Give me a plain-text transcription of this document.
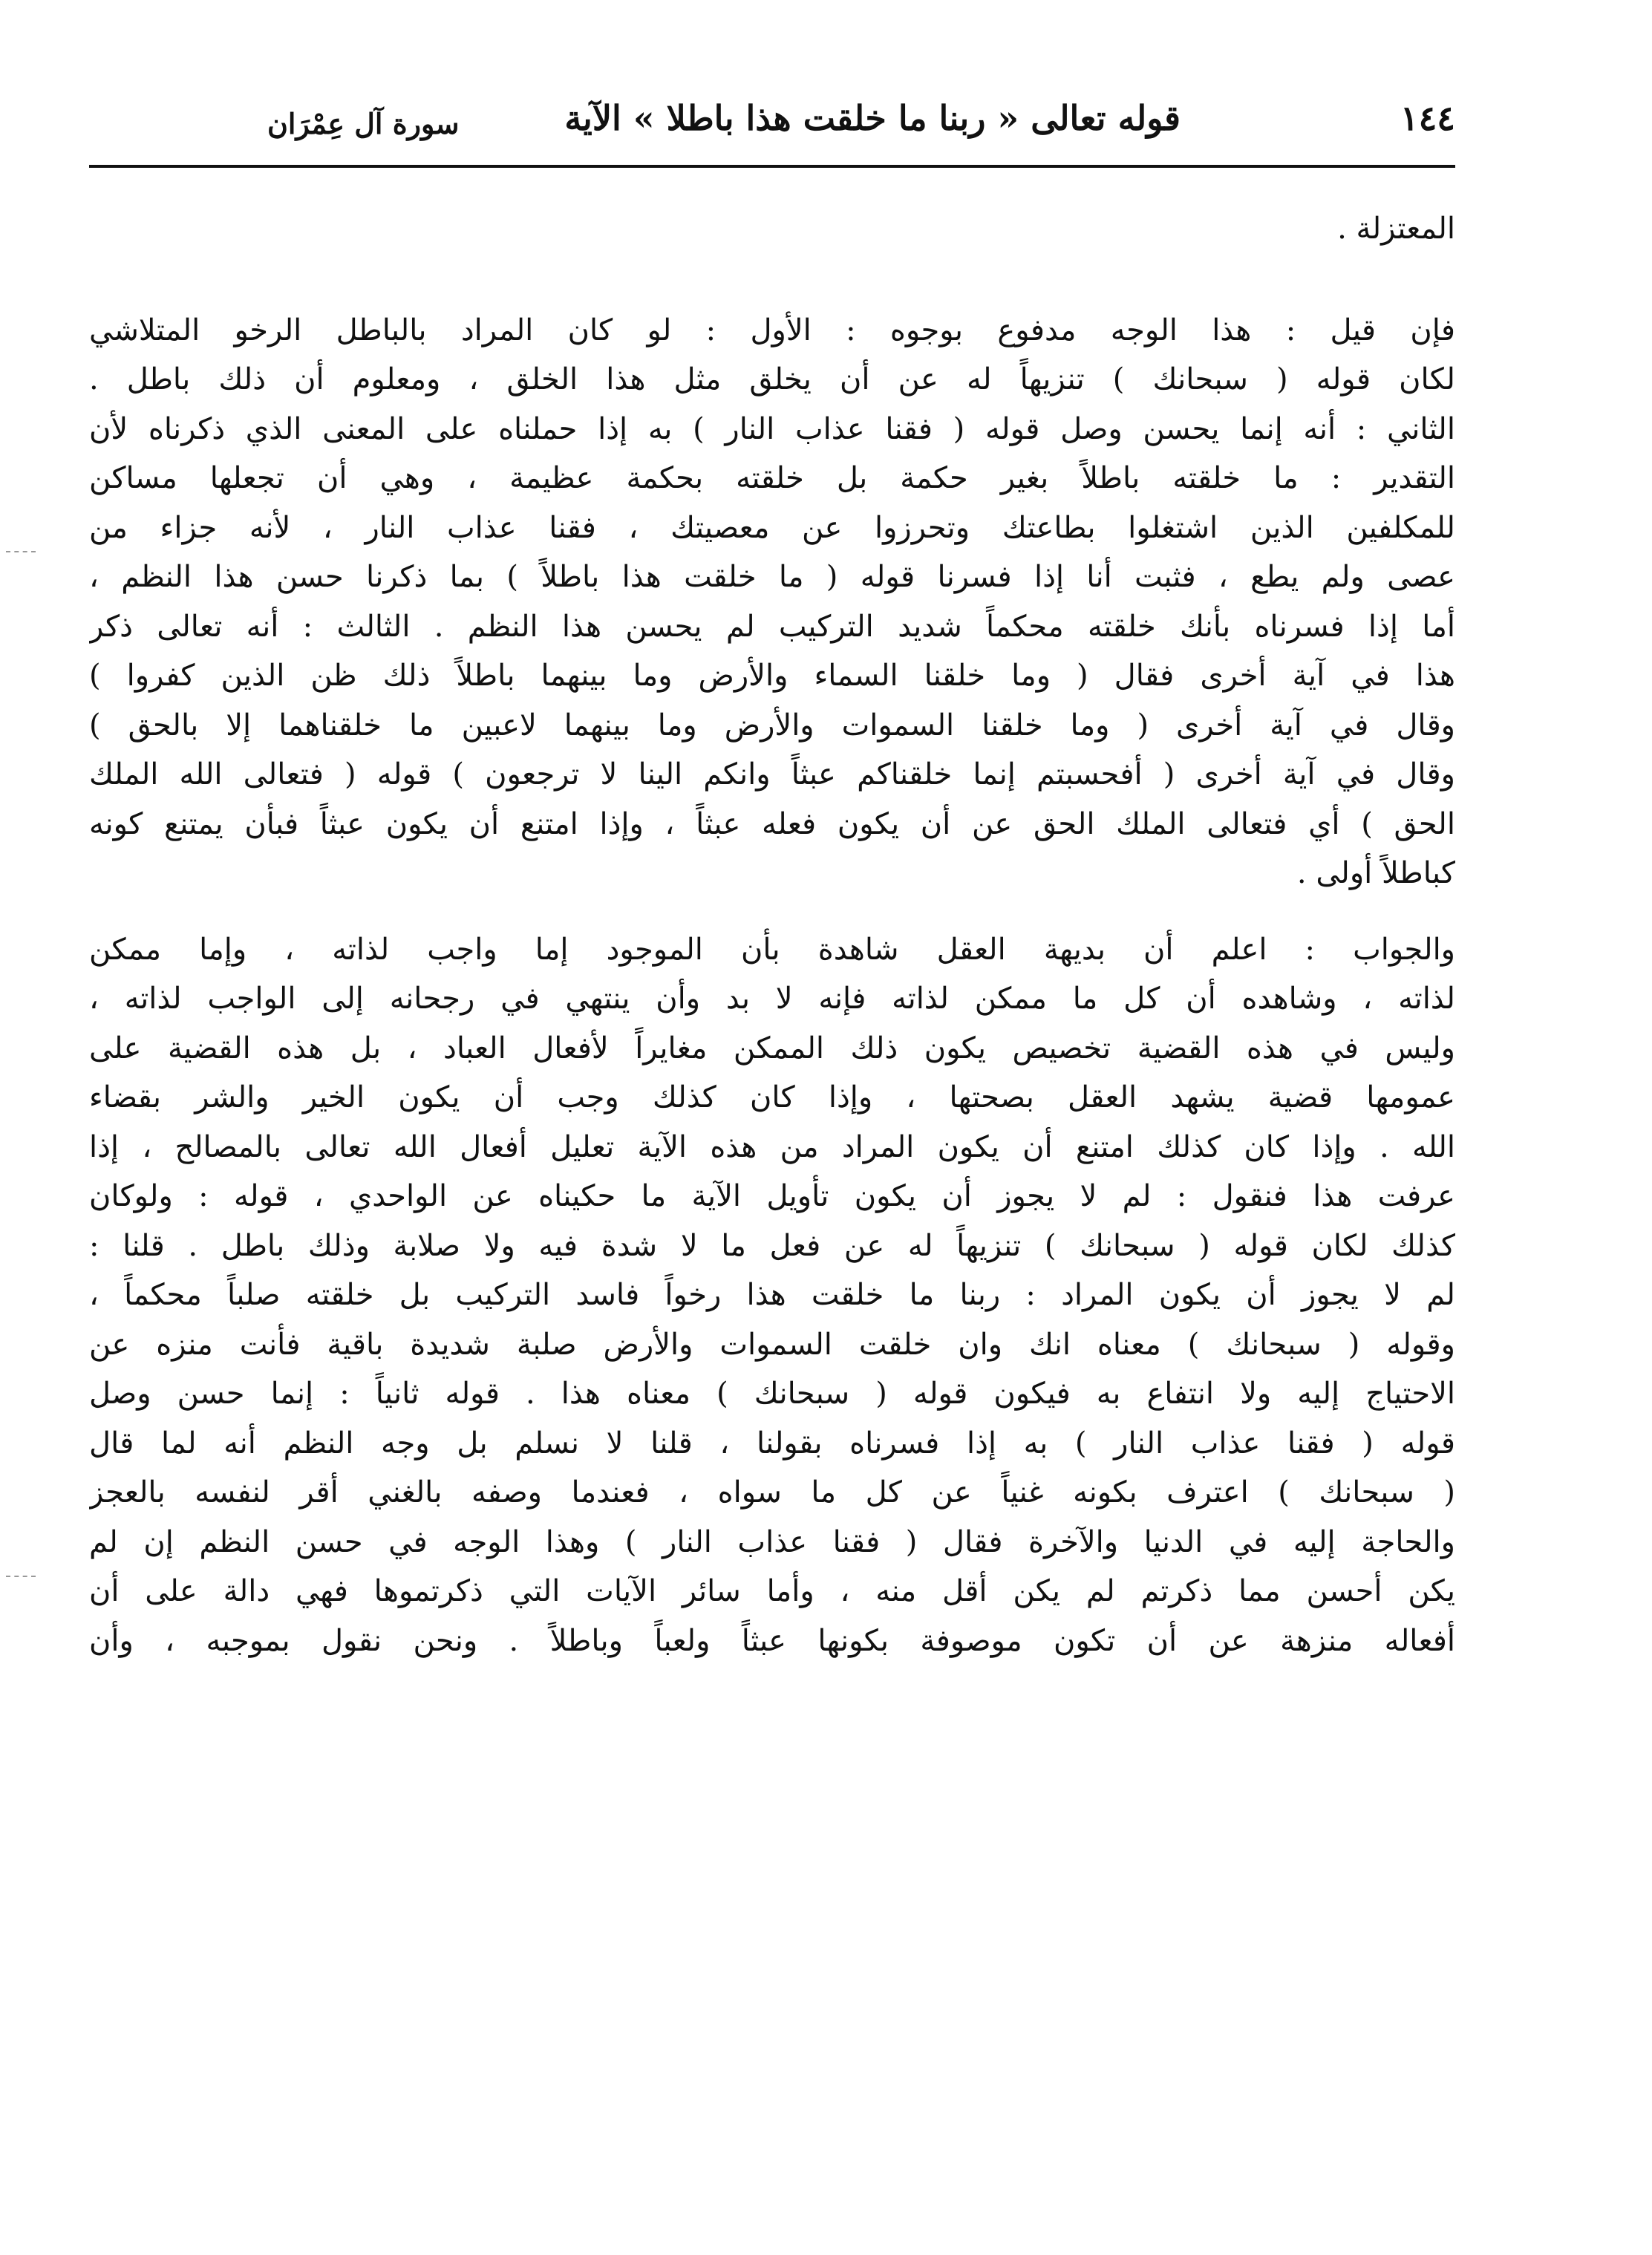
١٤٤
قوله تعالى « ربنا ما خلقت هذا باطلا » الآية
سورة آل عِمْرَان
المعتزلة .
فإن قيل : هذا الوجه مدفوع بوجوه : الأول : لو كان المراد بالباطل الرخو المتلاشي
لكان قوله ( سبحانك ) تنزيهاً له عن أن يخلق مثل هذا الخلق ، ومعلوم أن ذلك باطل .
الثاني : أنه إنما يحسن وصل قوله ( فقنا عذاب النار ) به إذا حملناه على المعنى الذي ذكرناه لأن
التقدير : ما خلقته باطلاً بغير حكمة بل خلقته بحكمة عظيمة ، وهي أن تجعلها مساكن
للمكلفين الذين اشتغلوا بطاعتك وتحرزوا عن معصيتك ، فقنا عذاب النار ، لأنه جزاء من
عصى ولم يطع ، فثبت أنا إذا فسرنا قوله ( ما خلقت هذا باطلاً ) بما ذكرنا حسن هذا النظم ،
أما إذا فسرناه بأنك خلقته محكماً شديد التركيب لم يحسن هذا النظم . الثالث : أنه تعالى ذكر
هذا في آية أخرى فقال ( وما خلقنا السماء والأرض وما بينهما باطلاً ذلك ظن الذين كفروا )
وقال في آية أخرى ( وما خلقنا السموات والأرض وما بينهما لاعبين ما خلقناهما إلا بالحق )
وقال في آية أخرى ( أفحسبتم إنما خلقناكم عبثاً وانكم الينا لا ترجعون ) قوله ( فتعالى الله الملك
الحق ) أي فتعالى الملك الحق عن أن يكون فعله عبثاً ، وإذا امتنع أن يكون عبثاً فبأن يمتنع كونه
كباطلاً أولى .
والجواب : اعلم أن بديهة العقل شاهدة بأن الموجود إما واجب لذاته ، وإما ممكن
لذاته ، وشاهده أن كل ما ممكن لذاته فإنه لا بد وأن ينتهي في رجحانه إلى الواجب لذاته ،
وليس في هذه القضية تخصيص يكون ذلك الممكن مغايراً لأفعال العباد ، بل هذه القضية على
عمومها قضية يشهد العقل بصحتها ، وإذا كان كذلك وجب أن يكون الخير والشر بقضاء
الله . وإذا كان كذلك امتنع أن يكون المراد من هذه الآية تعليل أفعال الله تعالى بالمصالح ، إذا
عرفت هذا فنقول : لم لا يجوز أن يكون تأويل الآية ما حكيناه عن الواحدي ، قوله : ولوكان
كذلك لكان قوله ( سبحانك ) تنزيهاً له عن فعل ما لا شدة فيه ولا صلابة وذلك باطل . قلنا :
لم لا يجوز أن يكون المراد : ربنا ما خلقت هذا رخواً فاسد التركيب بل خلقته صلباً محكماً ،
وقوله ( سبحانك ) معناه انك وان خلقت السموات والأرض صلبة شديدة باقية فأنت منزه عن
الاحتياج إليه ولا انتفاع به فيكون قوله ( سبحانك ) معناه هذا . قوله ثانياً : إنما حسن وصل
قوله ( فقنا عذاب النار ) به إذا فسرناه بقولنا ، قلنا لا نسلم بل وجه النظم أنه لما قال
( سبحانك ) اعترف بكونه غنياً عن كل ما سواه ، فعندما وصفه بالغني أقر لنفسه بالعجز
والحاجة إليه في الدنيا والآخرة فقال ( فقنا عذاب النار ) وهذا الوجه في حسن النظم إن لم
يكن أحسن مما ذكرتم لم يكن أقل منه ، وأما سائر الآيات التي ذكرتموها فهي دالة على أن
أفعاله منزهة عن أن تكون موصوفة بكونها عبثاً ولعباً وباطلاً . ونحن نقول بموجبه ، وأن
